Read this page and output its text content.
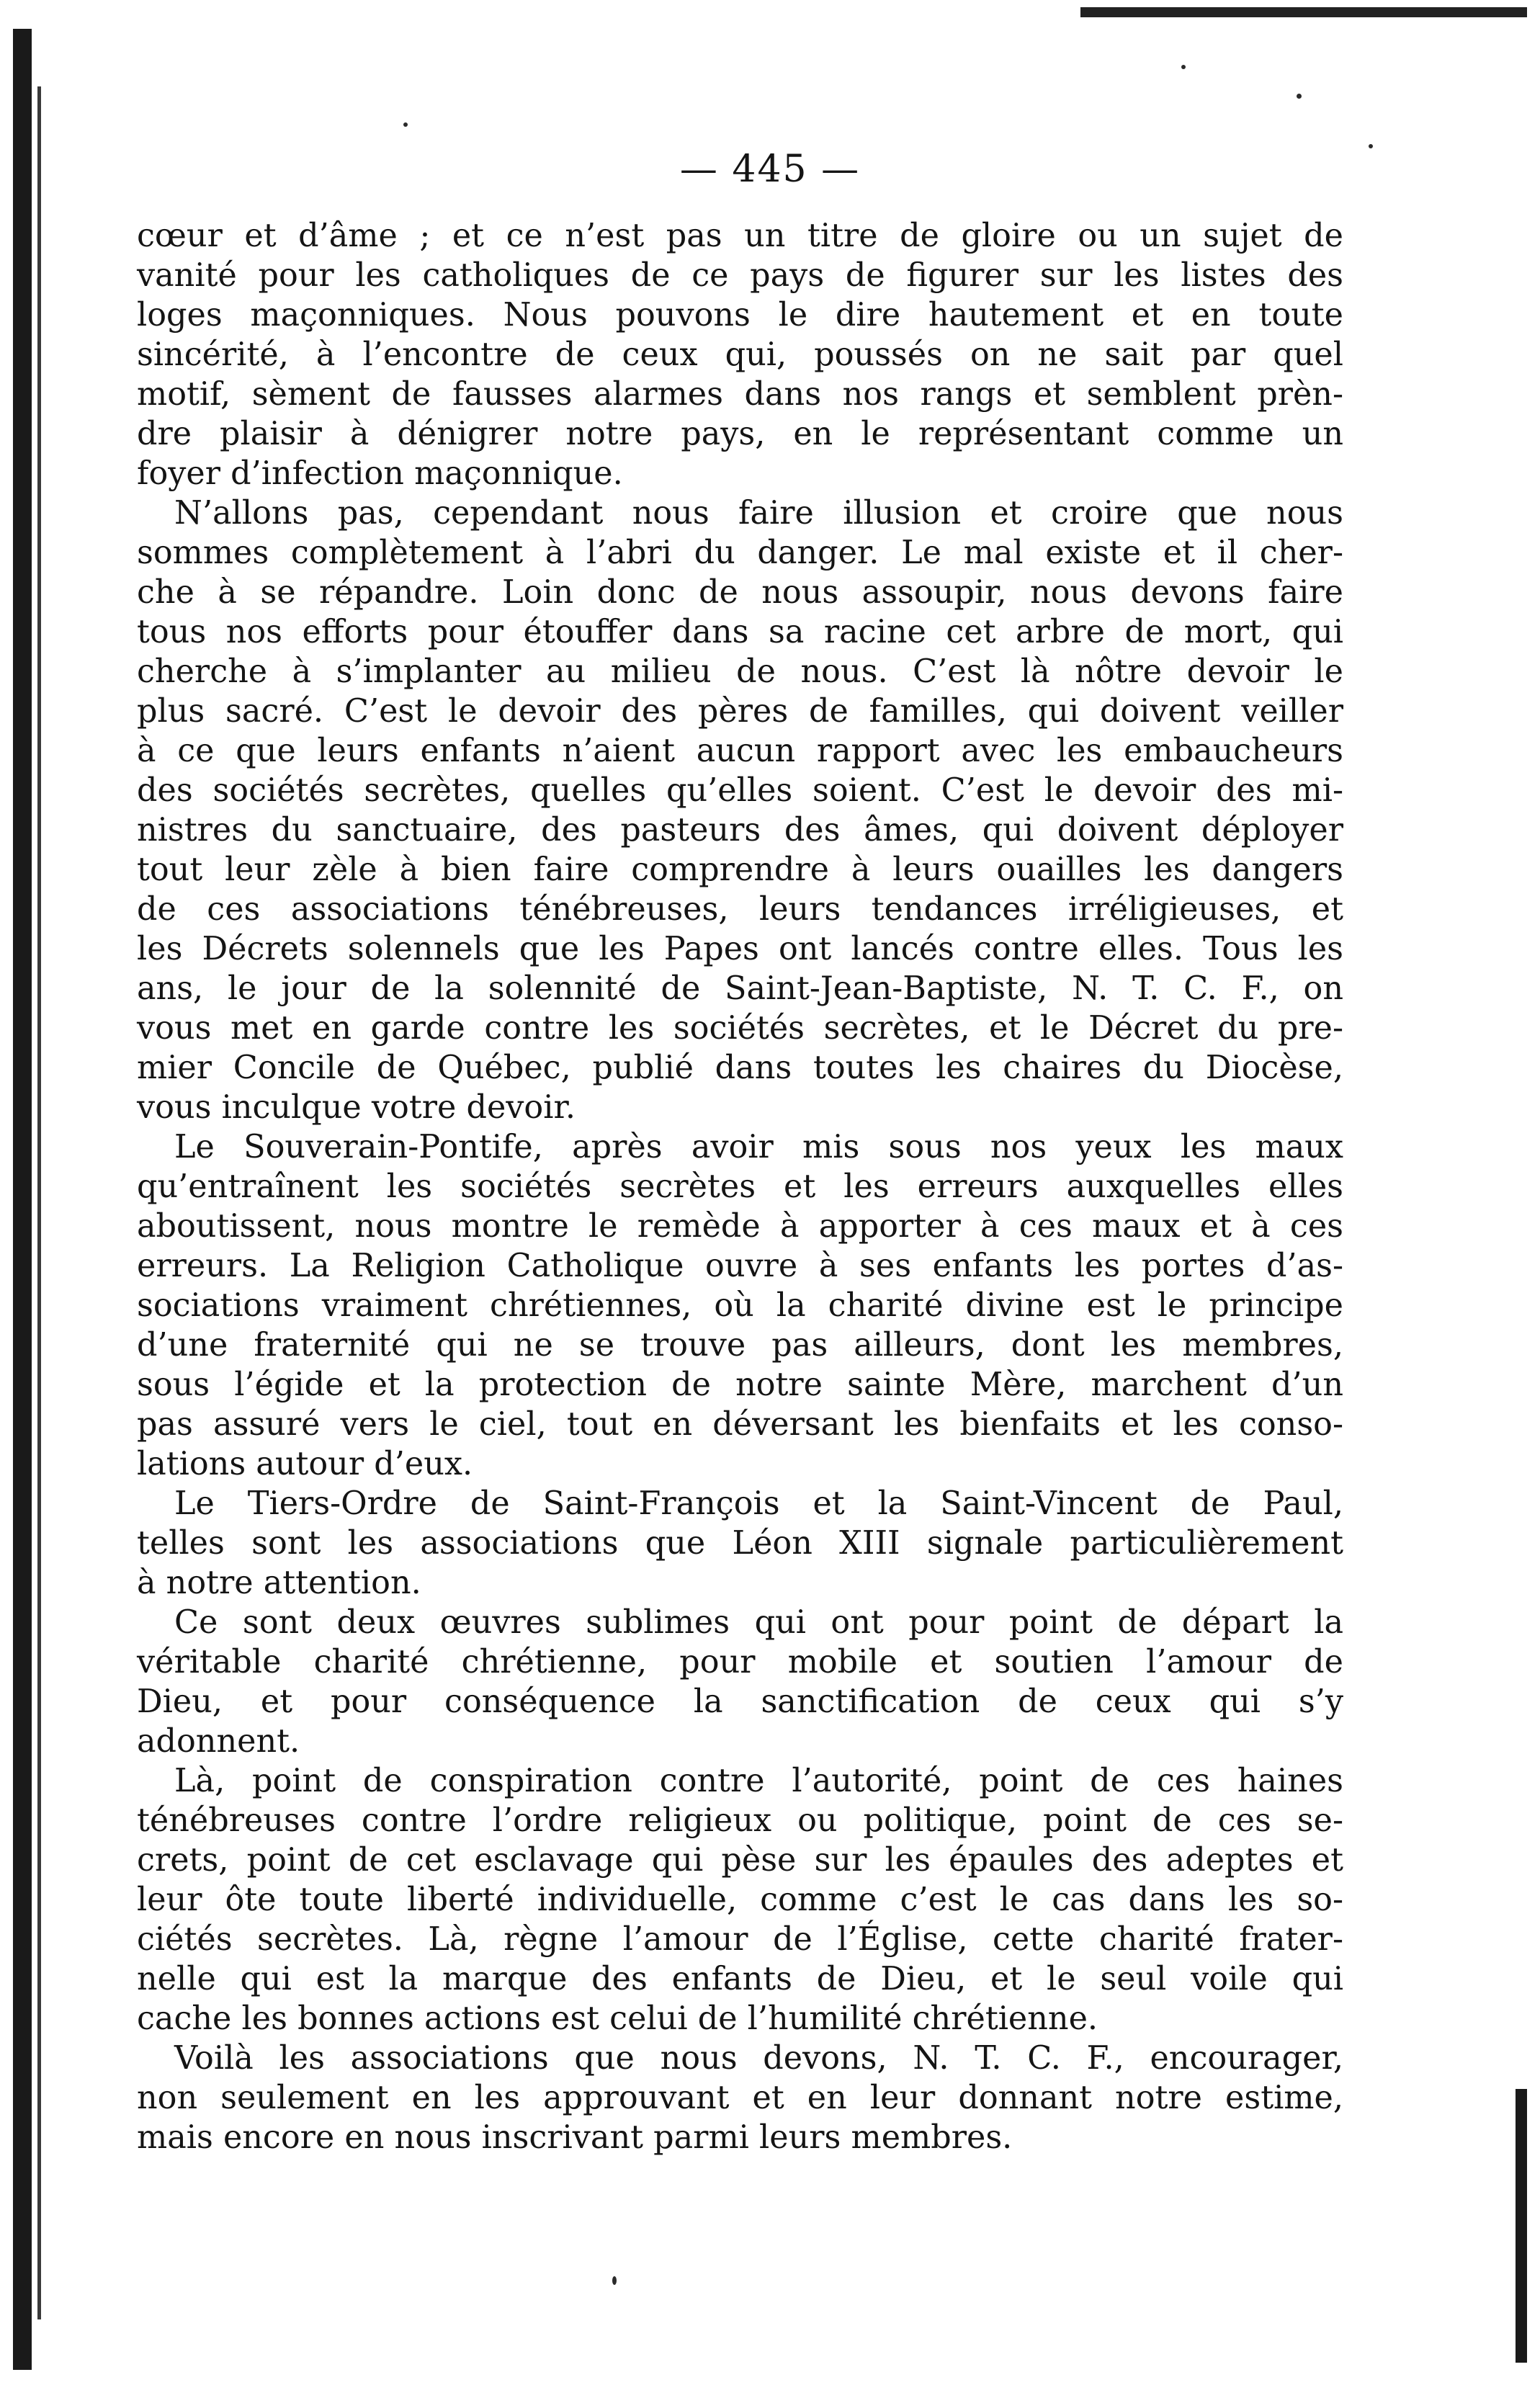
— 445 —
cœur et d’âme ; et ce n’est pas un titre de gloire ou un sujet de
vanité pour les catholiques de ce pays de figurer sur les listes des
loges maçonniques. Nous pouvons le dire hautement et en toute
sincérité, à l’encontre de ceux qui, poussés on ne sait par quel
motif, sèment de fausses alarmes dans nos rangs et semblent prèn-
dre plaisir à dénigrer notre pays, en le représentant comme un
foyer d’infection maçonnique.
N’allons pas, cependant nous faire illusion et croire que nous
sommes complètement à l’abri du danger. Le mal existe et il cher-
che à se répandre. Loin donc de nous assoupir, nous devons faire
tous nos efforts pour étouffer dans sa racine cet arbre de mort, qui
cherche à s’implanter au milieu de nous. C’est là nôtre devoir le
plus sacré. C’est le devoir des pères de familles, qui doivent veiller
à ce que leurs enfants n’aient aucun rapport avec les embaucheurs
des sociétés secrètes, quelles qu’elles soient. C’est le devoir des mi-
nistres du sanctuaire, des pasteurs des âmes, qui doivent déployer
tout leur zèle à bien faire comprendre à leurs ouailles les dangers
de ces associations ténébreuses, leurs tendances irréligieuses, et
les Décrets solennels que les Papes ont lancés contre elles. Tous les
ans, le jour de la solennité de Saint-Jean-Baptiste, N. T. C. F., on
vous met en garde contre les sociétés secrètes, et le Décret du pre-
mier Concile de Québec, publié dans toutes les chaires du Diocèse,
vous inculque votre devoir.
Le Souverain-Pontife, après avoir mis sous nos yeux les maux
qu’entraînent les sociétés secrètes et les erreurs auxquelles elles
aboutissent, nous montre le remède à apporter à ces maux et à ces
erreurs. La Religion Catholique ouvre à ses enfants les portes d’as-
sociations vraiment chrétiennes, où la charité divine est le principe
d’une fraternité qui ne se trouve pas ailleurs, dont les membres,
sous l’égide et la protection de notre sainte Mère, marchent d’un
pas assuré vers le ciel, tout en déversant les bienfaits et les conso-
lations autour d’eux.
Le Tiers-Ordre de Saint-François et la Saint-Vincent de Paul,
telles sont les associations que Léon XIII signale particulièrement
à notre attention.
Ce sont deux œuvres sublimes qui ont pour point de départ la
véritable charité chrétienne, pour mobile et soutien l’amour de
Dieu, et pour conséquence la sanctification de ceux qui s’y
adonnent.
Là, point de conspiration contre l’autorité, point de ces haines
ténébreuses contre l’ordre religieux ou politique, point de ces se-
crets, point de cet esclavage qui pèse sur les épaules des adeptes et
leur ôte toute liberté individuelle, comme c’est le cas dans les so-
ciétés secrètes. Là, règne l’amour de l’Église, cette charité frater-
nelle qui est la marque des enfants de Dieu, et le seul voile qui
cache les bonnes actions est celui de l’humilité chrétienne.
Voilà les associations que nous devons, N. T. C. F., encourager,
non seulement en les approuvant et en leur donnant notre estime,
mais encore en nous inscrivant parmi leurs membres.
